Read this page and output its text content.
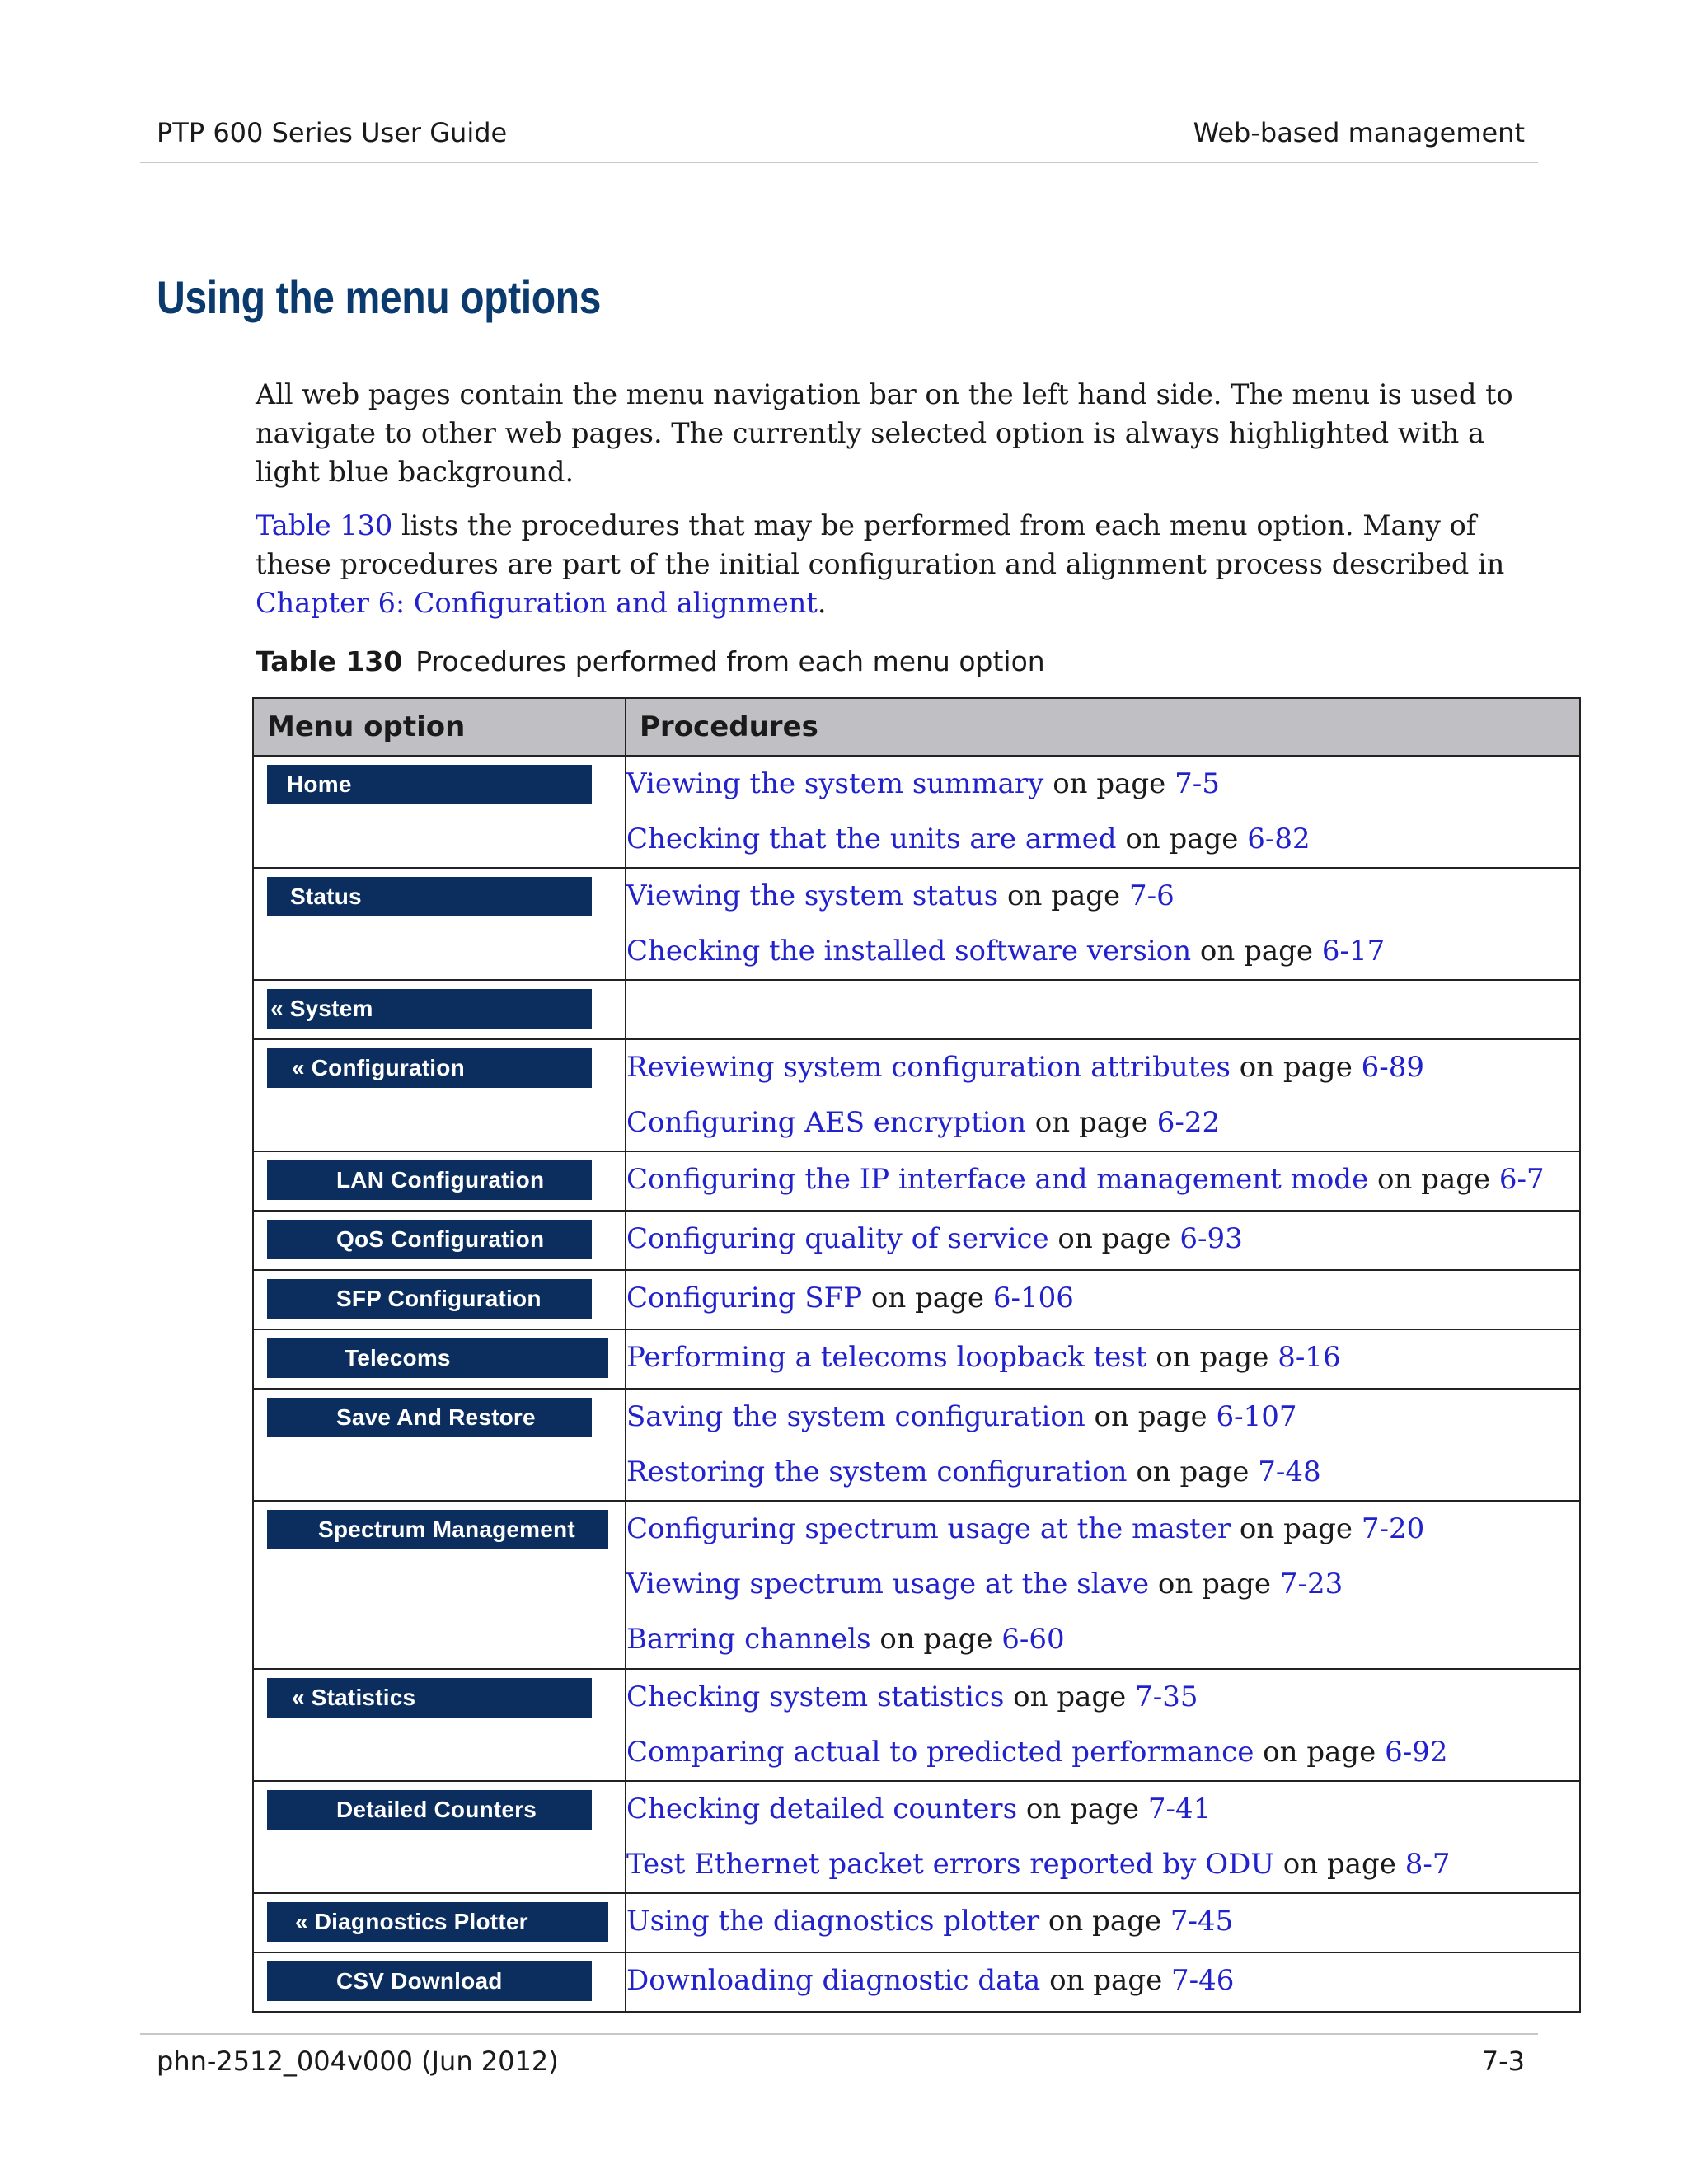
PTP 600 Series User Guide	Web-based management
Using the menu options

All web pages contain the menu navigation bar on the left hand side. The menu is used to navigate to other web pages. The currently selected option is always highlighted with a light blue background.

Table 130 lists the procedures that may be performed from each menu option. Many of these procedures are part of the initial configuration and alignment process described in Chapter 6: Configuration and alignment.

Table 130 Procedures performed from each menu option
Menu option	Procedures

Home	Viewing the system summary on page 7-5
Checking that the units are armed on page 6-82

Status	Viewing the system status on page 7-6
Checking the installed software version on page 6-17

« System	

« Configuration	Reviewing system configuration attributes on page 6-89
Configuring AES encryption on page 6-22

LAN Configuration	Configuring the IP interface and management mode on page 6-7

QoS Configuration	Configuring quality of service on page 6-93

SFP Configuration	Configuring SFP on page 6-106

Telecoms	Performing a telecoms loopback test on page 8-16

Save And Restore	Saving the system configuration on page 6-107
Restoring the system configuration on page 7-48

Spectrum Management	Configuring spectrum usage at the master on page 7-20
Viewing spectrum usage at the slave on page 7-23
Barring channels on page 6-60

« Statistics	Checking system statistics on page 7-35
Comparing actual to predicted performance on page 6-92

Detailed Counters	Checking detailed counters on page 7-41
Test Ethernet packet errors reported by ODU on page 8-7

« Diagnostics Plotter	Using the diagnostics plotter on page 7-45

CSV Download	Downloading diagnostic data on page 7-46
phn-2512_004v000 (Jun 2012)	7-3
